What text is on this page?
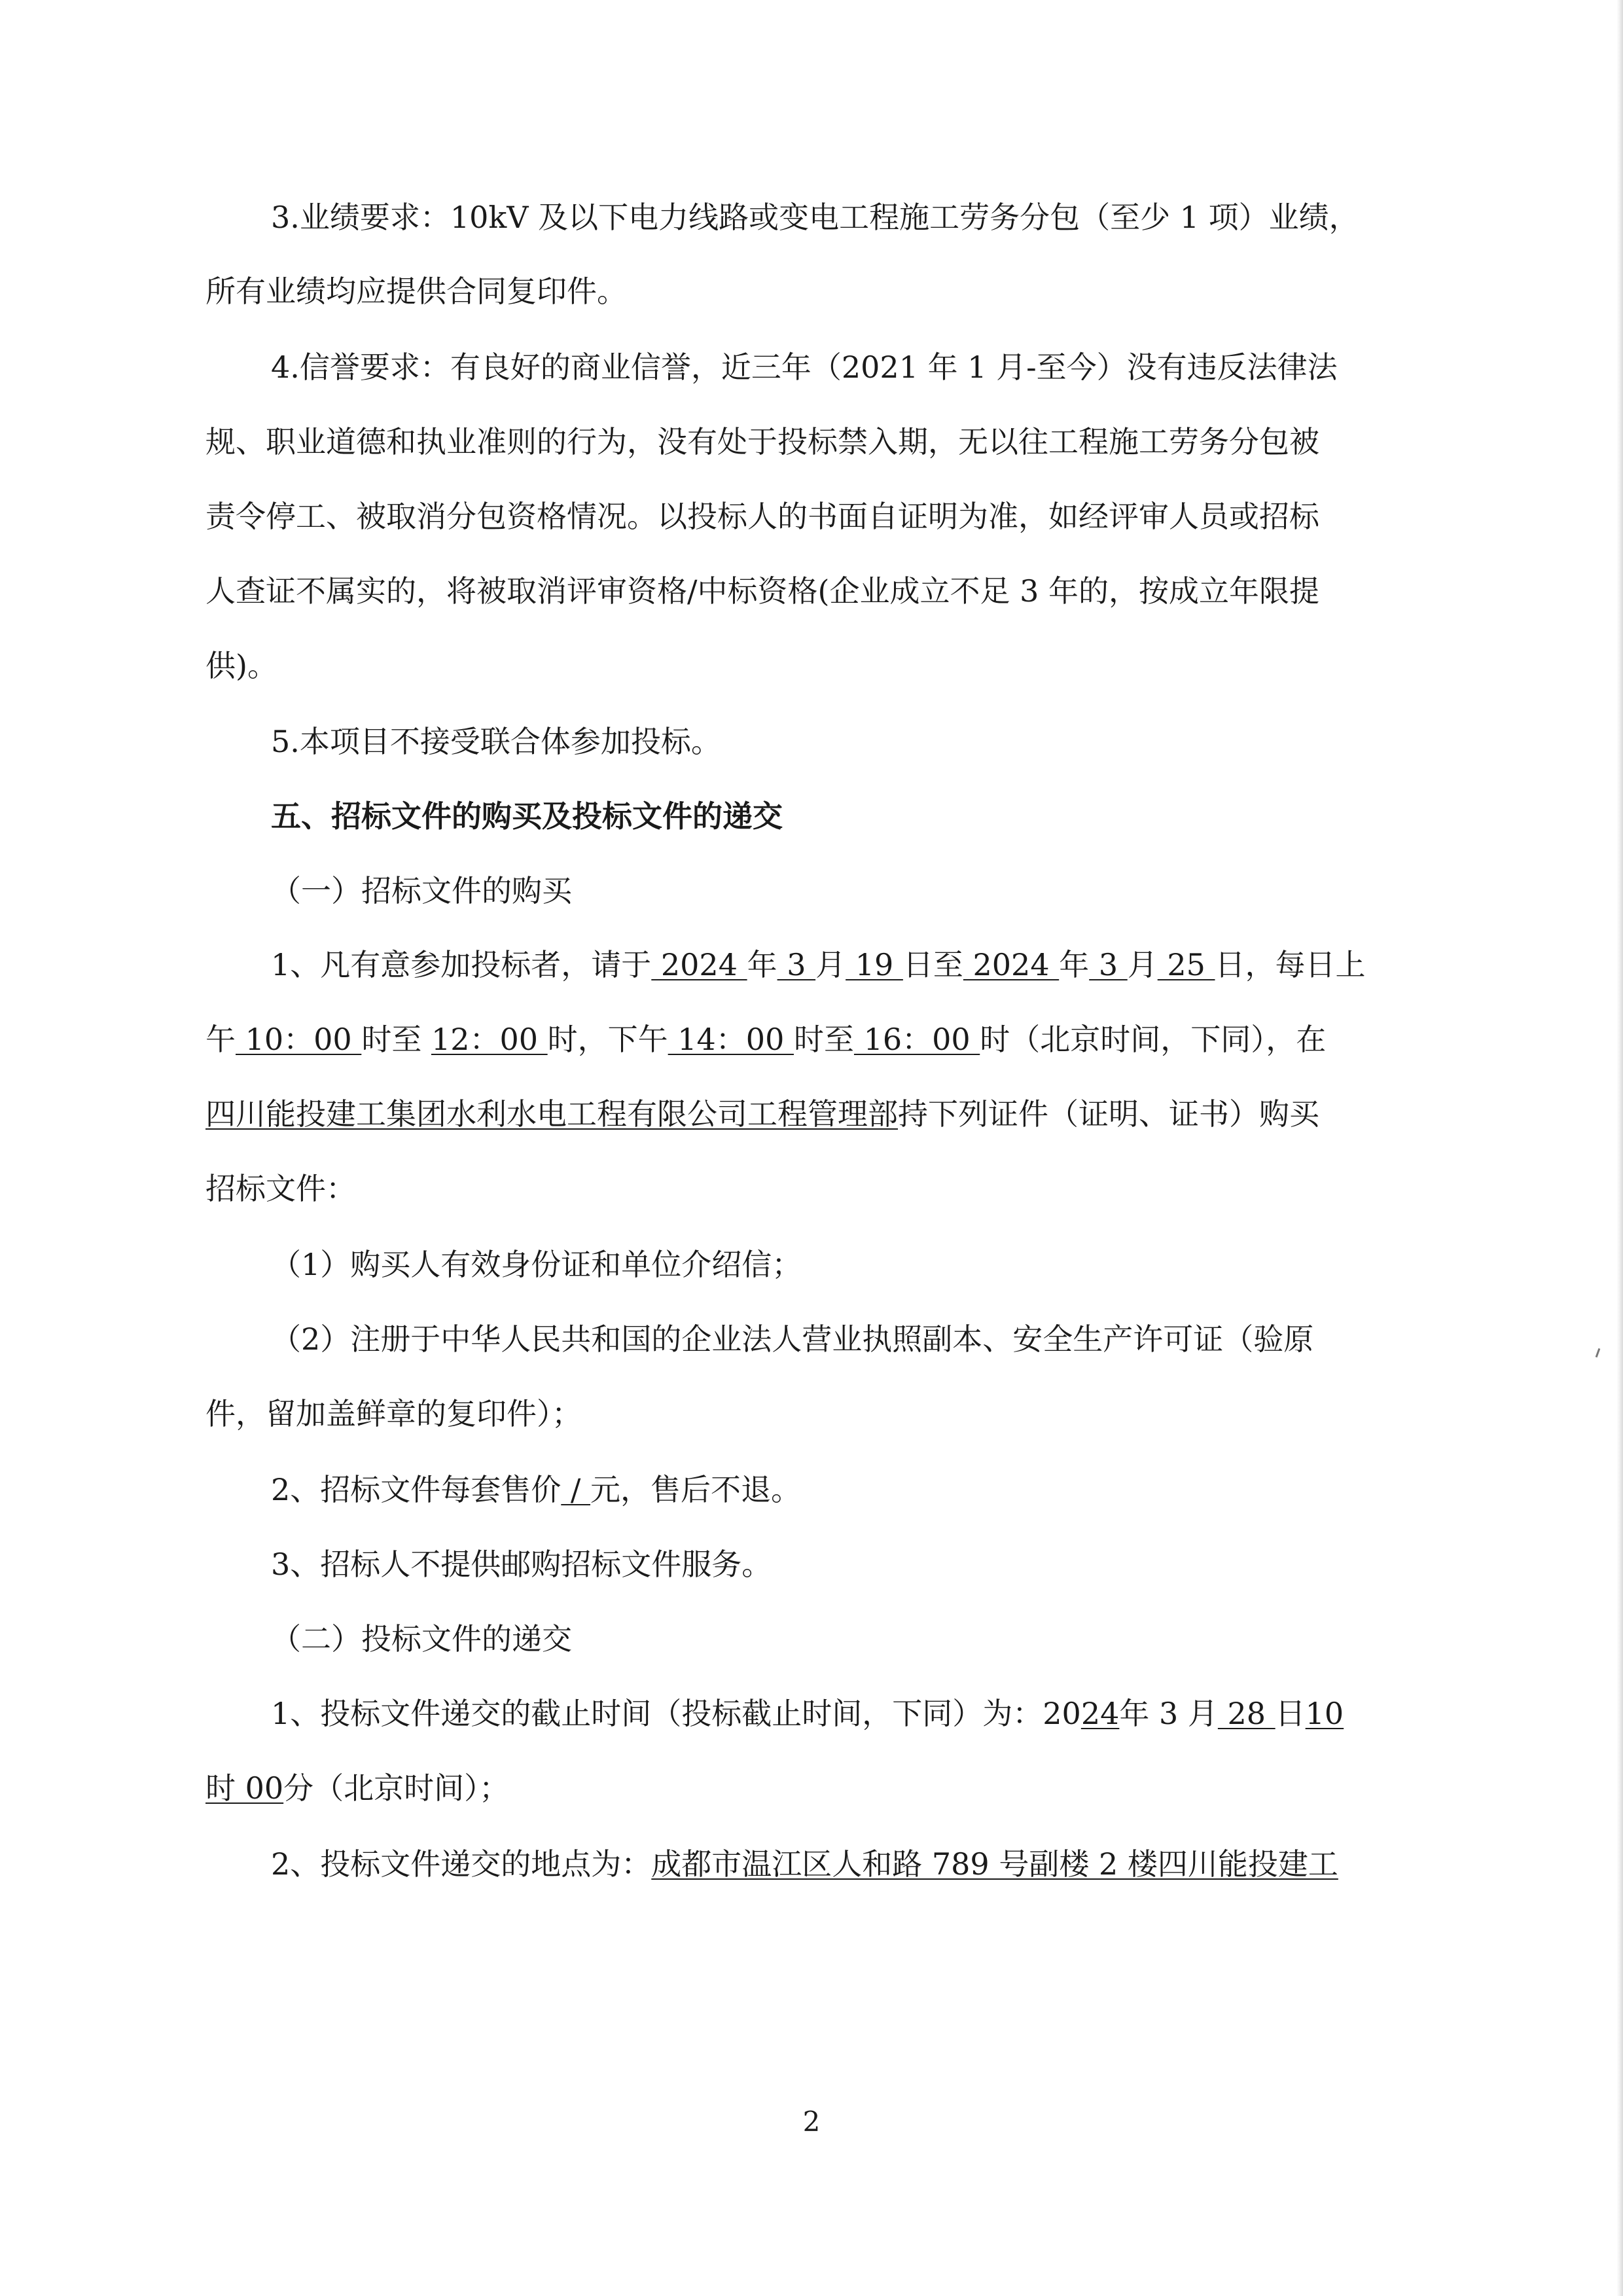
3.业绩要求：10kV 及以下电力线路或变电工程施工劳务分包（至少 1 项）业绩，
所有业绩均应提供合同复印件。
4.信誉要求：有良好的商业信誉，近三年（2021 年 1 月-至今）没有违反法律法
规、职业道德和执业准则的行为，没有处于投标禁入期，无以往工程施工劳务分包被
责令停工、被取消分包资格情况。以投标人的书面自证明为准，如经评审人员或招标
人查证不属实的，将被取消评审资格/中标资格(企业成立不足 3 年的，按成立年限提
供)。
5.本项目不接受联合体参加投标。
五、招标文件的购买及投标文件的递交
（一）招标文件的购买
1、凡有意参加投标者，请于 2024 年 3 月 19 日至 2024 年 3 月 25 日，每日上
午 10：00 时至 12：00 时，下午 14：00 时至 16：00 时（北京时间，下同），在
四川能投建工集团水利水电工程有限公司工程管理部持下列证件（证明、证书）购买
招标文件：
（1）购买人有效身份证和单位介绍信；
（2）注册于中华人民共和国的企业法人营业执照副本、安全生产许可证（验原
件，留加盖鲜章的复印件）；
2、招标文件每套售价 / 元，售后不退。
3、招标人不提供邮购招标文件服务。
（二）投标文件的递交
1、投标文件递交的截止时间（投标截止时间，下同）为：2024年 3 月 28 日10
时 00分（北京时间）；
2、投标文件递交的地点为：成都市温江区人和路 789 号副楼 2 楼四川能投建工
2
